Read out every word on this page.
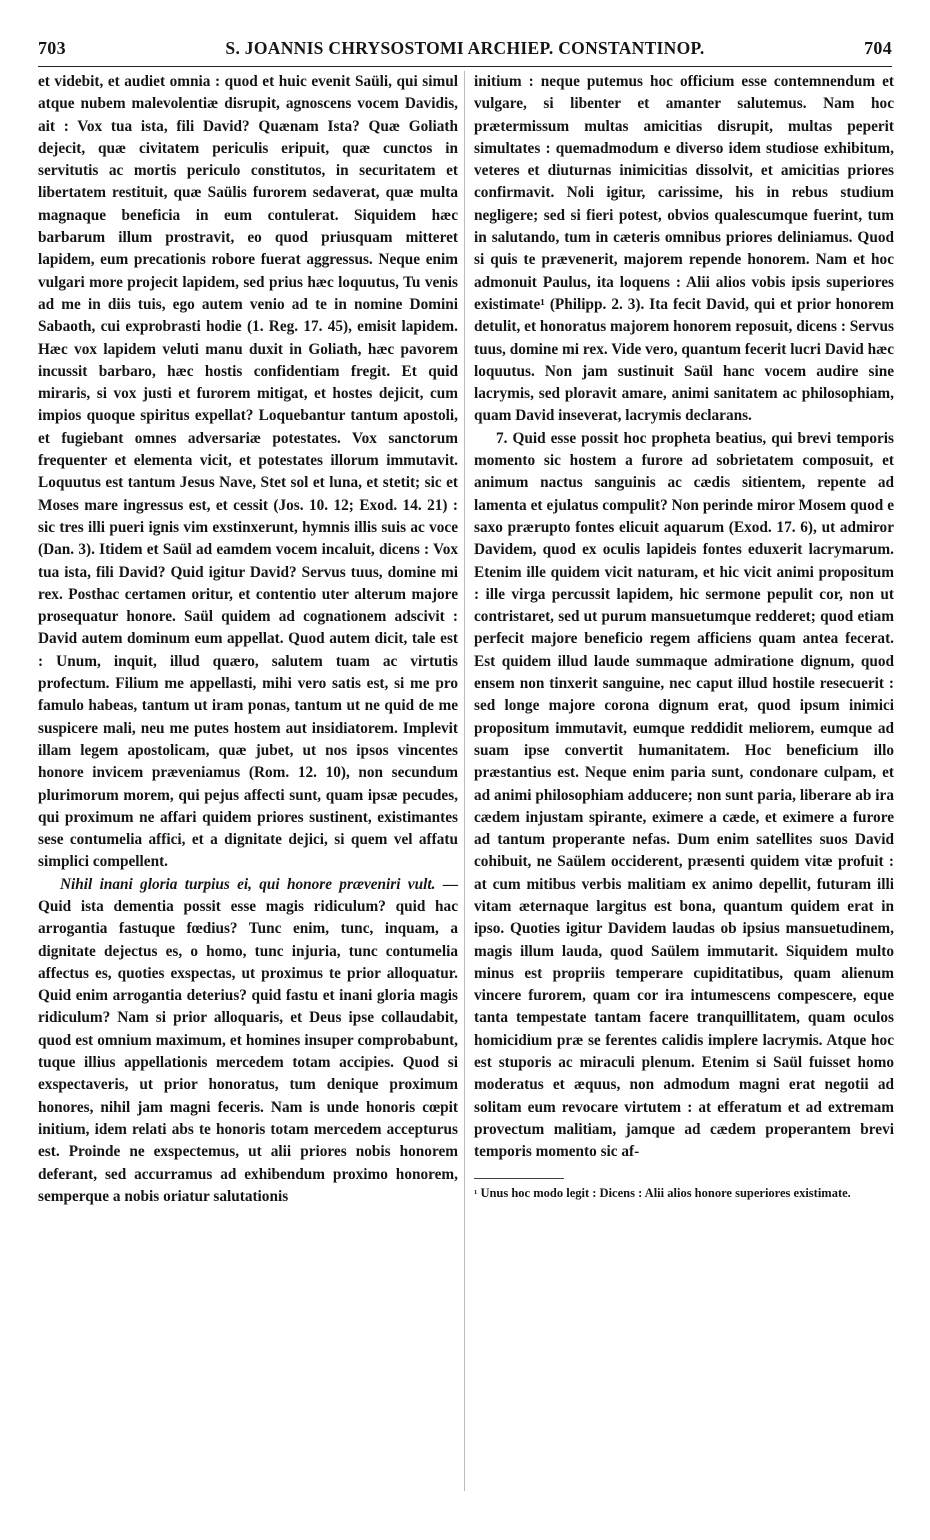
703	S. JOANNIS CHRYSOSTOMI ARCHIEP. CONSTANTINOP.	704

et videbit, et audiet omnia : quod et huic evenit Saüli, qui simul atque nubem malevolentiæ disrupit, agnoscens vocem Davidis, ait : Vox tua ista, fili David? Quænam Ista? Quæ Goliath dejecit, quæ civitatem periculis eripuit, quæ cunctos in servitutis ac mortis periculo constitutos, in securitatem et libertatem restituit, quæ Saülis furorem sedaverat, quæ multa magnaque beneficia in eum contulerat. Siquidem hæc barbarum illum prostravit, eo quod priusquam mitteret lapidem, eum precationis robore fuerat aggressus. Neque enim vulgari more projecit lapidem, sed prius hæc loquutus, Tu venis ad me in diis tuis, ego autem venio ad te in nomine Domini Sabaoth, cui exprobrasti hodie (1. Reg. 17. 45), emisit lapidem. Hæc vox lapidem veluti manu duxit in Goliath, hæc pavorem incussit barbaro, hæc hostis confidentiam fregit. Et quid miraris, si vox justi et furorem mitigat, et hostes dejicit, cum impios quoque spiritus expellat? Loquebantur tantum apostoli, et fugiebant omnes adversariæ potestates. Vox sanctorum frequenter et elementa vicit, et potestates illorum immutavit. Loquutus est tantum Jesus Nave, Stet sol et luna, et stetit; sic et Moses mare ingressus est, et cessit (Jos. 10. 12; Exod. 14. 21) : sic tres illi pueri ignis vim exstinxerunt, hymnis illis suis ac voce (Dan. 3). Itidem et Saül ad eamdem vocem incaluit, dicens : Vox tua ista, fili David? Quid igitur David? Servus tuus, domine mi rex. Posthac certamen oritur, et contentio uter alterum majore prosequatur honore. Saül quidem ad cognationem adscivit : David autem dominum eum appellat. Quod autem dicit, tale est : Unum, inquit, illud quæro, salutem tuam ac virtutis profectum. Filium me appellasti, mihi vero satis est, si me pro famulo habeas, tantum ut iram ponas, tantum ut ne quid de me suspicere mali, neu me putes hostem aut insidiatorem. Implevit illam legem apostolicam, quæ jubet, ut nos ipsos vincentes honore invicem præveniamus (Rom. 12. 10), non secundum plurimorum morem, qui pejus affecti sunt, quam ipsæ pecudes, qui proximum ne affari quidem priores sustinent, existimantes sese contumelia affici, et a dignitate dejici, si quem vel affatu simplici compellent.

Nihil inani gloria turpius ei, qui honore præveniri vult. — Quid ista dementia possit esse magis ridiculum? quid hac arrogantia fastuque fœdius? Tunc enim, tunc, inquam, a dignitate dejectus es, o homo, tunc injuria, tunc contumelia affectus es, quoties exspectas, ut proximus te prior alloquatur. Quid enim arrogantia deterius? quid fastu et inani gloria magis ridiculum? Nam si prior alloquaris, et Deus ipse collaudabit, quod est omnium maximum, et homines insuper comprobabunt, tuque illius appellationis mercedem totam accipies. Quod si exspectaveris, ut prior honoratus, tum denique proximum honores, nihil jam magni feceris. Nam is unde honoris cœpit initium, idem relati abs te honoris totam mercedem accepturus est. Proinde ne exspectemus, ut alii priores nobis honorem deferant, sed accurramus ad exhibendum proximo honorem, semperque a nobis oriatur salutationis

initium : neque putemus hoc officium esse contemnendum et vulgare, si libenter et amanter salutemus. Nam hoc prætermissum multas amicitias disrupit, multas peperit simultates : quemadmodum e diverso idem studiose exhibitum, veteres et diuturnas inimicitias dissolvit, et amicitias priores confirmavit. Noli igitur, carissime, his in rebus studium negligere; sed si fieri potest, obvios qualescumque fuerint, tum in salutando, tum in cæteris omnibus priores deliniamus. Quod si quis te prævenerit, majorem repende honorem. Nam et hoc admonuit Paulus, ita loquens : Alii alios vobis ipsis superiores existimate¹ (Philipp. 2. 3). Ita fecit David, qui et prior honorem detulit, et honoratus majorem honorem reposuit, dicens : Servus tuus, domine mi rex. Vide vero, quantum fecerit lucri David hæc loquutus. Non jam sustinuit Saül hanc vocem audire sine lacrymis, sed ploravit amare, animi sanitatem ac philosophiam, quam David inseverat, lacrymis declarans.

7. Quid esse possit hoc propheta beatius, qui brevi temporis momento sic hostem a furore ad sobrietatem composuit, et animum nactus sanguinis ac cædis sitientem, repente ad lamenta et ejulatus compulit? Non perinde miror Mosem quod e saxo prærupto fontes elicuit aquarum (Exod. 17. 6), ut admiror Davidem, quod ex oculis lapideis fontes eduxerit lacrymarum. Etenim ille quidem vicit naturam, et hic vicit animi propositum : ille virga percussit lapidem, hic sermone pepulit cor, non ut contristaret, sed ut purum mansuetumque redderet; quod etiam perfecit majore beneficio regem afficiens quam antea fecerat. Est quidem illud laude summaque admiratione dignum, quod ensem non tinxerit sanguine, nec caput illud hostile resecuerit : sed longe majore corona dignum erat, quod ipsum inimici propositum immutavit, eumque reddidit meliorem, eumque ad suam ipse convertit humanitatem. Hoc beneficium illo præstantius est. Neque enim paria sunt, condonare culpam, et ad animi philosophiam adducere; non sunt paria, liberare ab ira cædem injustam spirante, eximere a cæde, et eximere a furore ad tantum properante nefas. Dum enim satellites suos David cohibuit, ne Saülem occiderent, præsenti quidem vitæ profuit : at cum mitibus verbis malitiam ex animo depellit, futuram illi vitam æternaque largitus est bona, quantum quidem erat in ipso. Quoties igitur Davidem laudas ob ipsius mansuetudinem, magis illum lauda, quod Saülem immutarit. Siquidem multo minus est propriis temperare cupiditatibus, quam alienum vincere furorem, quam cor ira intumescens compescere, eque tanta tempestate tantam facere tranquillitatem, quam oculos homicidium præ se ferentes calidis implere lacrymis. Atque hoc est stuporis ac miraculi plenum. Etenim si Saül fuisset homo moderatus et æquus, non admodum magni erat negotii ad solitam eum revocare virtutem : at efferatum et ad extremam provectum malitiam, jamque ad cædem properantem brevi temporis momento sic af-

¹ Unus hoc modo legit : Dicens : Alii alios honore superiores existimate.
